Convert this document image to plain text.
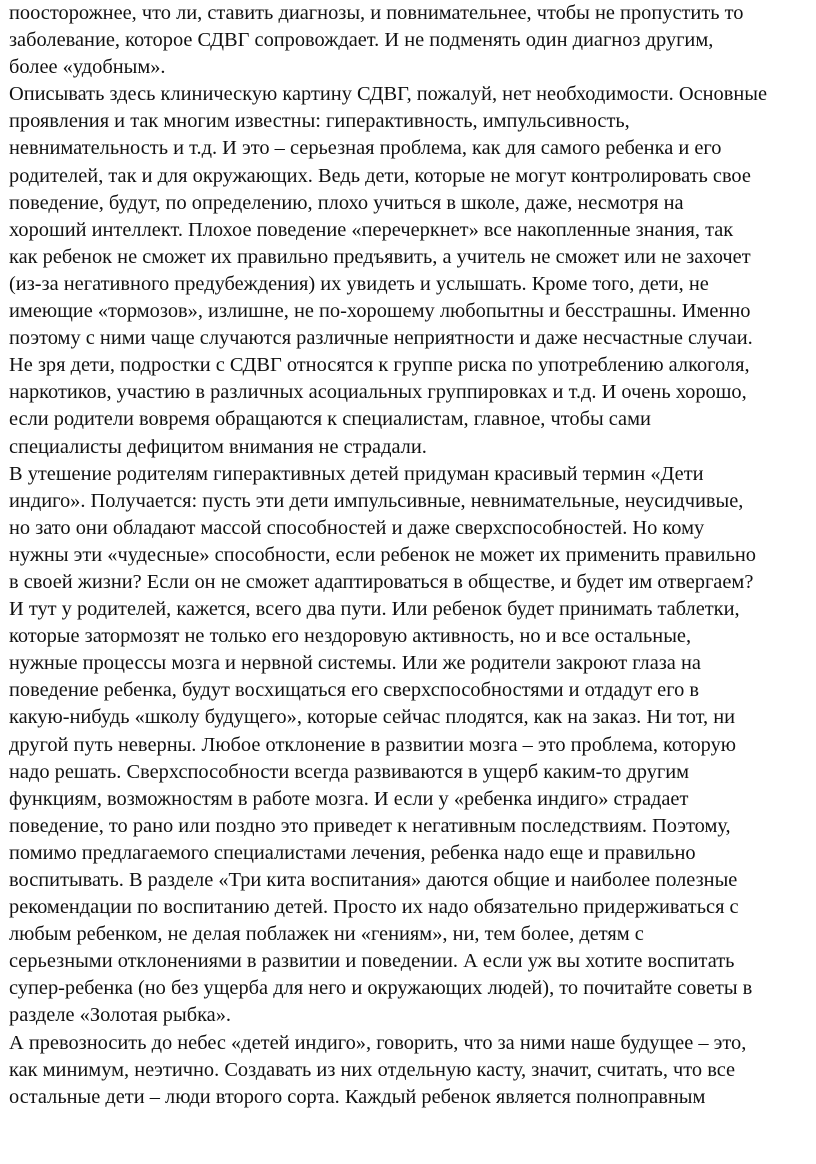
поосторожнее, что ли, ставить диагнозы, и повнимательнее, чтобы не пропустить то
заболевание, которое СДВГ сопровождает. И не подменять один диагноз другим,
более «удобным».
Описывать здесь клиническую картину СДВГ, пожалуй, нет необходимости. Основные
проявления и так многим известны: гиперактивность, импульсивность,
невнимательность и т.д. И это – серьезная проблема, как для самого ребенка и его
родителей, так и для окружающих. Ведь дети, которые не могут контролировать свое
поведение, будут, по определению, плохо учиться в школе, даже, несмотря на
хороший интеллект. Плохое поведение «перечеркнет» все накопленные знания, так
как ребенок не сможет их правильно предъявить, а учитель не сможет или не захочет
(из-за негативного предубеждения) их увидеть и услышать. Кроме того, дети, не
имеющие «тормозов», излишне, не по-хорошему любопытны и бесстрашны. Именно
поэтому с ними чаще случаются различные неприятности и даже несчастные случаи.
Не зря дети, подростки с СДВГ относятся к группе риска по употреблению алкоголя,
наркотиков, участию в различных асоциальных группировках и т.д. И очень хорошо,
если родители вовремя обращаются к специалистам, главное, чтобы сами
специалисты дефицитом внимания не страдали.
В утешение родителям гиперактивных детей придуман красивый термин «Дети
индиго». Получается: пусть эти дети импульсивные, невнимательные, неусидчивые,
но зато они обладают массой способностей и даже сверхспособностей. Но кому
нужны эти «чудесные» способности, если ребенок не может их применить правильно
в своей жизни? Если он не сможет адаптироваться в обществе, и будет им отвергаем?
И тут у родителей, кажется, всего два пути. Или ребенок будет принимать таблетки,
которые затормозят не только его нездоровую активность, но и все остальные,
нужные процессы мозга и нервной системы. Или же родители закроют глаза на
поведение ребенка, будут восхищаться его сверхспособностями и отдадут его в
какую-нибудь «школу будущего», которые сейчас плодятся, как на заказ. Ни тот, ни
другой путь неверны. Любое отклонение в развитии мозга – это проблема, которую
надо решать. Сверхспособности всегда развиваются в ущерб каким-то другим
функциям, возможностям в работе мозга. И если у «ребенка индиго» страдает
поведение, то рано или поздно это приведет к негативным последствиям. Поэтому,
помимо предлагаемого специалистами лечения, ребенка надо еще и правильно
воспитывать. В разделе «Три кита воспитания» даются общие и наиболее полезные
рекомендации по воспитанию детей. Просто их надо обязательно придерживаться с
любым ребенком, не делая поблажек ни «гениям», ни, тем более, детям с
серьезными отклонениями в развитии и поведении. А если уж вы хотите воспитать
супер-ребенка (но без ущерба для него и окружающих людей), то почитайте советы в
разделе «Золотая рыбка».
А превозносить до небес «детей индиго», говорить, что за ними наше будущее – это,
как минимум, неэтично. Создавать из них отдельную касту, значит, считать, что все
остальные дети – люди второго сорта. Каждый ребенок является полноправным
